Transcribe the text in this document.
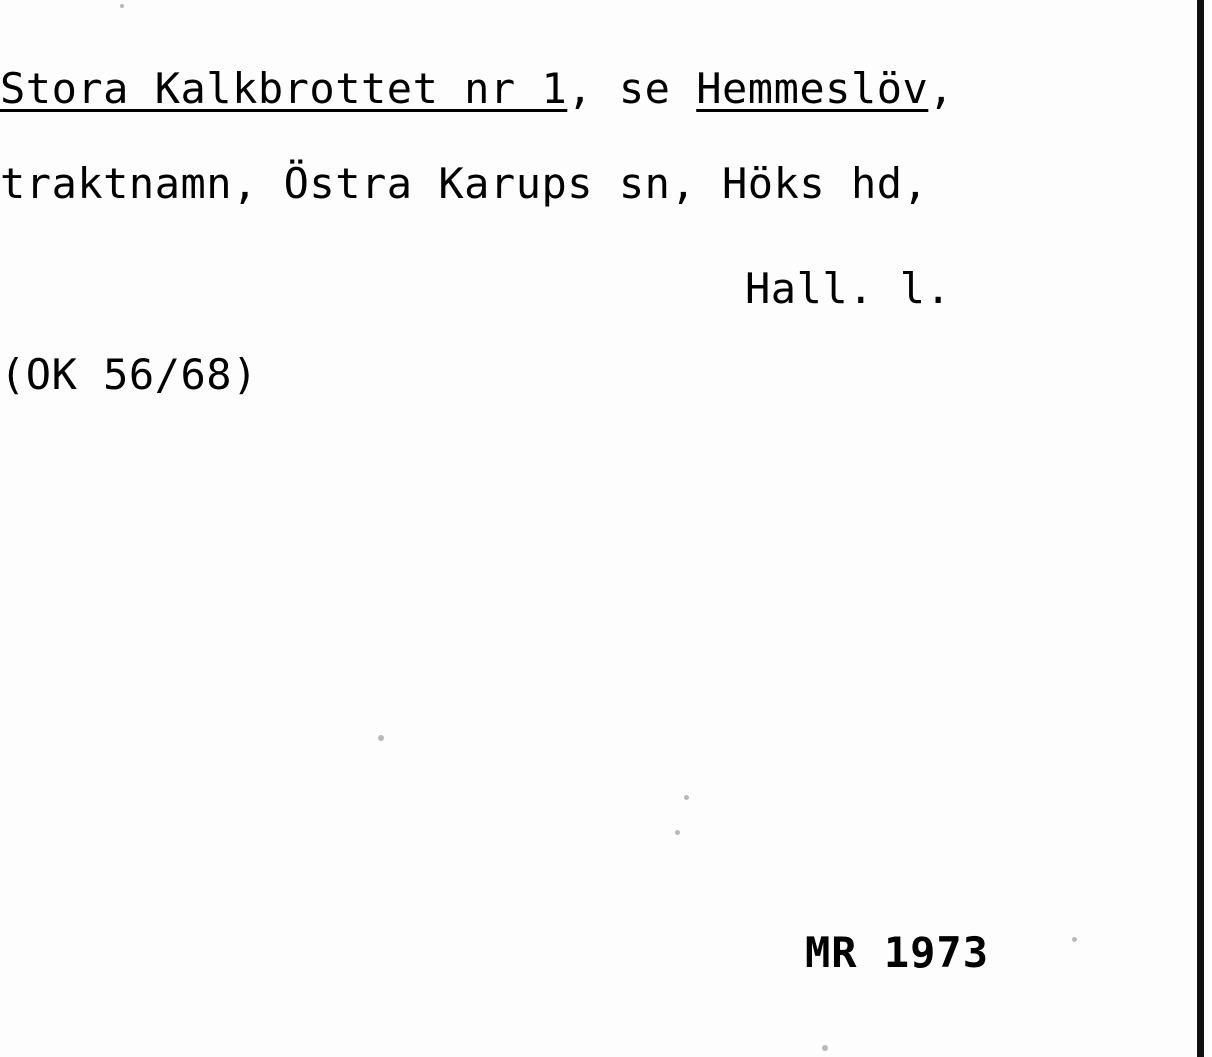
Stora Kalkbrottet nr 1, se Hemmeslöv,
traktnamn, Östra Karups sn, Höks hd,
Hall. l.
(OK 56/68)
MR 1973
